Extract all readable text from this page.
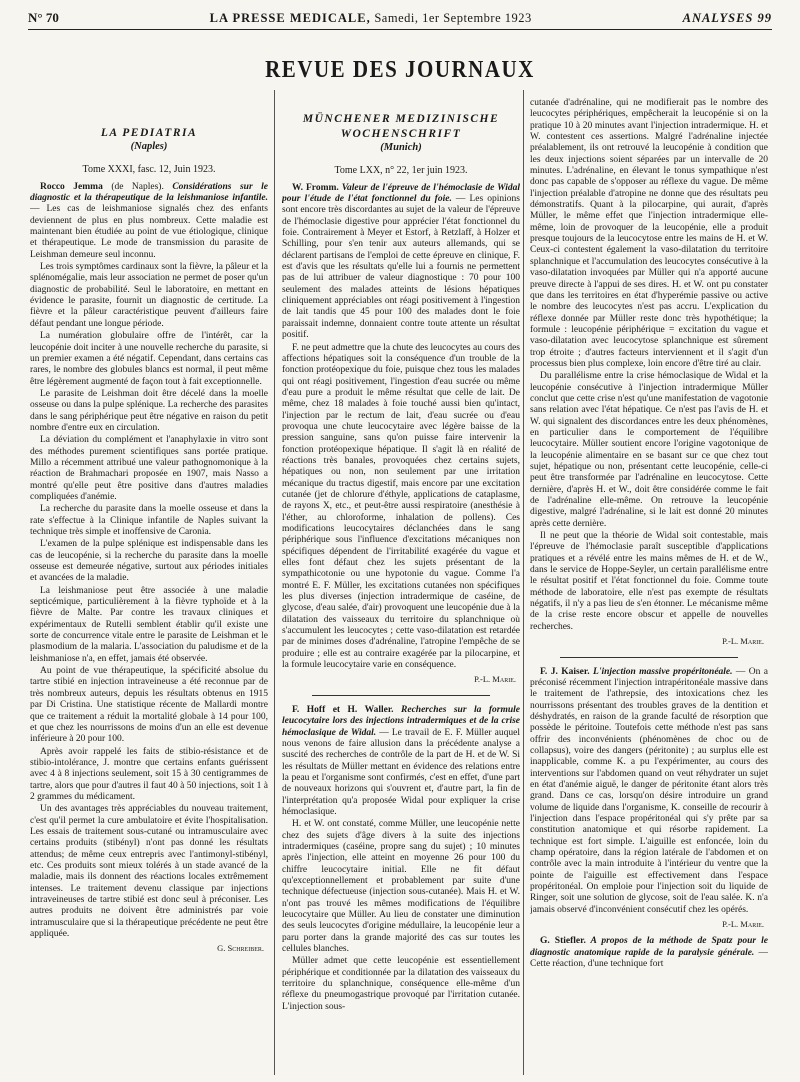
N° 70	LA PRESSE MEDICALE, Samedi, 1er Septembre 1923	ANALYSES 99
REVUE DES JOURNAUX
LA PEDIATRIA
(Naples)
Tome XXXI, fasc. 12, Juin 1923.

Rocco Jemma (de Naples). Considérations sur le diagnostic et la thérapeutique de la leishmaniose infantile. — Les cas de leishmaniose signalés chez des enfants deviennent de plus en plus nombreux. Cette maladie est maintenant bien étudiée au point de vue étiologique, clinique et thérapeutique. Le mode de transmission du parasite de Leishman demeure seul inconnu.

Les trois symptômes cardinaux sont la fièvre, la pâleur et la splénomégalie, mais leur association ne permet de poser qu'un diagnostic de probabilité. Seul le laboratoire, en mettant en évidence le parasite, fournit un diagnostic de certitude. La fièvre et la pâleur caractéristique peuvent d'ailleurs faire défaut pendant une longue période.

La numération globulaire offre de l'intérêt, car la leucopénie doit inciter à une nouvelle recherche du parasite, si un premier examen a été négatif. Cependant, dans certains cas rares, le nombre des globules blancs est normal, il peut même être légèrement augmenté de façon tout à fait exceptionnelle.

Le parasite de Leishman doit être décelé dans la moelle osseuse ou dans la pulpe splénique. La recherche des parasites dans le sang périphérique peut être négative en raison du petit nombre d'entre eux en circulation.

La déviation du complément et l'anaphylaxie in vitro sont des méthodes purement scientifiques sans portée pratique. Millo a récemment attribué une valeur pathognomonique à la réaction de Brahmachari proposée en 1907, mais Nasso a montré qu'elle peut être positive dans d'autres maladies compliquées d'anémie.

La recherche du parasite dans la moelle osseuse et dans la rate s'effectue à la Clinique infantile de Naples suivant la technique très simple et inoffensive de Caronia.

L'examen de la pulpe splénique est indispensable dans les cas de leucopénie, si la recherche du parasite dans la moelle osseuse est demeurée négative, surtout aux périodes initiales et avancées de la maladie.

La leishmaniose peut être associée à une maladie septicémique, particulièrement à la fièvre typhoïde et à la fièvre de Malte. Par contre les travaux cliniques et expérimentaux de Rutelli semblent établir qu'il existe une sorte de concurrence vitale entre le parasite de Leishman et le plasmodium de la malaria. L'association du paludisme et de la leishmaniose n'a, en effet, jamais été observée.

Au point de vue thérapeutique, la spécificité absolue du tartre stibié en injection intraveineuse a été reconnue par de très nombreux auteurs, depuis les résultats obtenus en 1915 par Di Cristina. Une statistique récente de Mallardi montre que ce traitement a réduit la mortalité globale à 14 pour 100, et que chez les nourrissons de moins d'un an elle est devenue inférieure à 20 pour 100.

Après avoir rappelé les faits de stibio-résistance et de stibio-intolérance, J. montre que certains enfants guérissent avec 4 à 8 injections seulement, soit 15 à 30 centigrammes de tartre, alors que pour d'autres il faut 40 à 50 injections, soit 1 à 2 grammes du médicament.

Un des avantages très appréciables du nouveau traitement, c'est qu'il permet la cure ambulatoire et évite l'hospitalisation. Les essais de traitement sous-cutané ou intramusculaire avec certains produits (stibényl) n'ont pas donné les résultats attendus; de même ceux entrepris avec l'antimonyl-stibényl, etc. Ces produits sont mieux tolérés à un stade avancé de la maladie, mais ils donnent des réactions locales extrêmement intenses. Le traitement devenu classique par injections intraveineuses de tartre stibié est donc seul à préconiser. Les autres produits ne doivent être administrés par voie intramusculaire que si la thérapeutique précédente ne peut être appliquée.

G. Schreiber.
MÜNCHENER MEDIZINISCHE
WOCHENSCHRIFT
(Munich)
Tome LXX, n° 22, 1er juin 1923.

W. Fromm. Valeur de l'épreuve de l'hémoclasie de Widal pour l'étude de l'état fonctionnel du foie. — Les opinions sont encore très discordantes au sujet de la valeur de l'épreuve de l'hémoclasie digestive pour apprécier l'état fonctionnel du foie. Contrairement à Meyer et Estorf, à Retzlaff, à Holzer et Schilling, pour s'en tenir aux auteurs allemands, qui se déclarent partisans de l'emploi de cette épreuve en clinique, F. est d'avis que les résultats qu'elle lui a fournis ne permettent pas de lui attribuer de valeur diagnostique : 70 pour 100 seulement des malades atteints de lésions hépatiques cliniquement appréciables ont réagi positivement à l'ingestion de lait tandis que 45 pour 100 des malades dont le foie paraissait indemne, donnaient contre toute attente un résultat positif.

F. ne peut admettre que la chute des leucocytes au cours des affections hépatiques soit la conséquence d'un trouble de la fonction protéopexique du foie, puisque chez tous les malades qui ont réagi positivement, l'ingestion d'eau sucrée ou même d'eau pure a produit le même résultat que celle de lait. De même, chez 18 malades à foie touché aussi bien qu'intact, l'injection par le rectum de lait, d'eau sucrée ou d'eau provoqua une chute leucocytaire avec légère baisse de la pression sanguine, sans qu'on puisse faire intervenir la fonction protéopexique hépatique. Il s'agit là en réalité de réactions très banales, provoquées chez certains sujets, hépatiques ou non, non seulement par une irritation mécanique du tractus digestif, mais encore par une excitation cutanée (jet de chlorure d'éthyle, applications de cataplasme, de rayons X, etc., et peut-être aussi respiratoire (anesthésie à l'éther, au chloroforme, inhalation de pollens). Ces modifications leucocytaires déclanchées dans le sang périphérique sous l'influence d'excitations mécaniques non spécifiques dépendent de l'irritabilité exagérée du vague et elles font défaut chez les sujets présentant de la sympathicotonie ou une hypotonie du vague. Comme l'a montré E. F. Müller, les excitations cutanées non spécifiques les plus diverses (injection intradermique de caséine, de glycose, d'eau salée, d'air) provoquent une leucopénie due à la dilatation des vaisseaux du territoire du splanchnique où s'accumulent les leucocytes ; cette vaso-dilatation est retardée par de minimes doses d'adrénaline, l'atropine l'empêche de se produire ; elle est au contraire exagérée par la pilocarpine, et la formule leucocytaire varie en conséquence.

P.-L. Marie.

F. Hoff et H. Waller. Recherches sur la formule leucocytaire lors des injections intradermiques et de la crise hémoclasique de Widal. — Le travail de E. F. Müller auquel nous venons de faire allusion dans la précédente analyse a suscité des recherches de contrôle de la part de H. et de W. Si les résultats de Müller mettant en évidence des relations entre la peau et l'organisme sont confirmés, c'est en effet, d'une part de nouveaux horizons qui s'ouvrent et, d'autre part, la fin de l'interprétation qu'a proposée Widal pour expliquer la crise hémoclasique.

H. et W. ont constaté, comme Müller, une leucopénie nette chez des sujets d'âge divers à la suite des injections intradermiques (caséine, propre sang du sujet) ; 10 minutes après l'injection, elle atteint en moyenne 26 pour 100 du chiffre leucocytaire initial. Elle ne fit défaut qu'exceptionnellement et probablement par suite d'une technique défectueuse (injection sous-cutanée). Mais H. et W. n'ont pas trouvé les mêmes modifications de l'équilibre leucocytaire que Müller. Au lieu de constater une diminution des seuls leucocytes d'origine médullaire, la leucopénie leur a paru porter dans la grande majorité des cas sur toutes les cellules blanches.

Müller admet que cette leucopénie est essentiellement périphérique et conditionnée par la dilatation des vaisseaux du territoire du splanchnique, conséquence elle-même d'un réflexe du pneumogastrique provoqué par l'irritation cutanée. L'injection sous-

cutanée d'adrénaline, qui ne modifierait pas le nombre des leucocytes périphériques, empêcherait la leucopénie si on la pratique 10 à 20 minutes avant l'injection intradermique. H. et W. contestent ces assertions. Malgré l'adrénaline injectée préalablement, ils ont retrouvé la leucopénie à condition que les deux injections soient séparées par un intervalle de 20 minutes. L'adrénaline, en élevant le tonus sympathique n'est donc pas capable de s'opposer au réflexe du vague. De même l'injection préalable d'atropine ne donne que des résultats peu démonstratifs. Quant à la pilocarpine, qui aurait, d'après Müller, le même effet que l'injection intradermique elle-même, loin de provoquer de la leucopénie, elle a produit presque toujours de la leucocytose entre les mains de H. et W. Ceux-ci contestent également la vaso-dilatation du territoire splanchnique et l'accumulation des leucocytes consécutive à la vaso-dilatation invoquées par Müller qui n'a apporté aucune preuve directe à l'appui de ses dires. H. et W. ont pu constater que dans les territoires en état d'hyperémie passive ou active le nombre des leucocytes n'est pas accru. L'explication du réflexe donnée par Müller reste donc très hypothétique; la formule : leucopénie périphérique = excitation du vague et vaso-dilatation avec leucocytose splanchnique est sûrement trop étroite ; d'autres facteurs interviennent et il s'agit d'un processus bien plus complexe, loin encore d'être tiré au clair.

Du parallélisme entre la crise hémoclasique de Widal et la leucopénie consécutive à l'injection intradermique Müller conclut que cette crise n'est qu'une manifestation de vagotonie sans relation avec l'état hépatique. Ce n'est pas l'avis de H. et W. qui signalent des discordances entre les deux phénomènes, en particulier dans le comportement de l'équilibre leucocytaire. Müller soutient encore l'origine vagotonique de la leucopénie alimentaire en se basant sur ce que chez tout sujet, hépatique ou non, présentant cette leucopénie, celle-ci peut être transformée par l'adrénaline en leucocytose. Cette dernière, d'après H. et W., doit être considérée comme le fait de l'adrénaline elle-même. On retrouve la leucopénie digestive, malgré l'adrénaline, si le lait est donné 20 minutes après cette dernière.

Il ne peut que la théorie de Widal soit contestable, mais l'épreuve de l'hémoclasie paraît susceptible d'applications pratiques et a révélé entre les mains mêmes de H. et de W., dans le service de Hoppe-Seyler, un certain parallélisme entre le résultat positif et l'état fonctionnel du foie. Comme toute méthode de laboratoire, elle n'est pas exempte de résultats négatifs, il n'y a pas lieu de s'en étonner. Le mécanisme même de la crise reste encore obscur et appelle de nouvelles recherches.

P.-L. Marie.

F. J. Kaiser. L'injection massive propéritonéale. — On a préconisé récemment l'injection intrapéritonéale massive dans le traitement de l'athrepsie, des intoxications chez les nourrissons présentant des troubles graves de la dentition et déshydratés, en raison de la grande faculté de résorption que possède le péritoine. Toutefois cette méthode n'est pas sans offrir des inconvénients (phénomènes de choc ou de collapsus), voire des dangers (péritonite) ; au surplus elle est inapplicable, comme K. a pu l'expérimenter, au cours des interventions sur l'abdomen quand on veut réhydrater un sujet en état d'anémie aiguë, le danger de péritonite étant alors très grand. Dans ce cas, lorsqu'on désire introduire un grand volume de liquide dans l'organisme, K. conseille de recourir à l'injection dans l'espace propéritonéal qui s'y prête par sa constitution anatomique et qui résorbe rapidement. La technique est fort simple. L'aiguille est enfoncée, loin du champ opératoire, dans la région latérale de l'abdomen et on contrôle avec la main introduite à l'intérieur du ventre que la pointe de l'aiguille est effectivement dans l'espace propéritonéal. On emploie pour l'injection soit du liquide de Ringer, soit une solution de glycose, soit de l'eau salée. K. n'a jamais observé d'inconvénient consécutif chez les opérés.

P.-L. Marie.

G. Stiefler. A propos de la méthode de Spatz pour le diagnostic anatomique rapide de la paralysie générale. — Cette réaction, d'une technique fort
